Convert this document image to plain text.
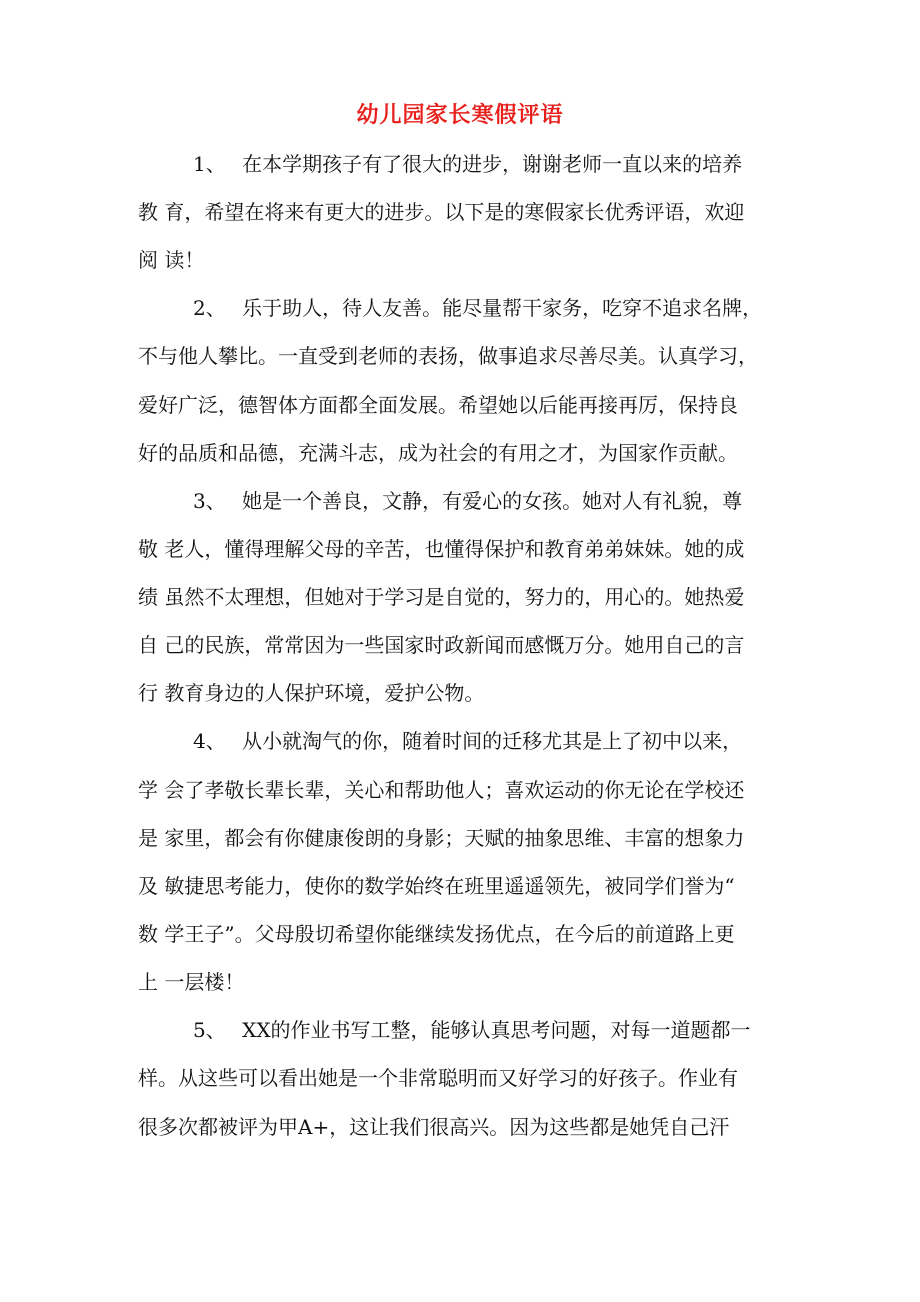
幼儿园家长寒假评语
1、　 在本学期孩子有了很大的进步，谢谢老师一直以来的培养
教 育，希望在将来有更大的进步。以下是的寒假家长优秀评语，欢迎
阅 读！
2、　 乐于助人，待人友善。能尽量帮干家务，吃穿不追求名牌，
不与他人攀比。一直受到老师的表扬，做事追求尽善尽美。认真学习，
爱好广泛，德智体方面都全面发展。希望她以后能再接再厉，保持良
好的品质和品德，充满斗志，成为社会的有用之才，为国家作贡献。
3、　 她是一个善良，文静，有爱心的女孩。她对人有礼貌，尊
敬 老人，懂得理解父母的辛苦，也懂得保护和教育弟弟妹妹。她的成
绩 虽然不太理想，但她对于学习是自觉的，努力的，用心的。她热爱
自 己的民族，常常因为一些国家时政新闻而感慨万分。她用自己的言
行 教育身边的人保护环境，爱护公物。
4、　 从小就淘气的你，随着时间的迁移尤其是上了初中以来，
学 会了孝敬长辈长辈，关心和帮助他人；喜欢运动的你无论在学校还
是 家里，都会有你健康俊朗的身影；天赋的抽象思维、丰富的想象力
及 敏捷思考能力，使你的数学始终在班里遥遥领先，被同学们誉为“
数 学王子”。父母殷切希望你能继续发扬优点，在今后的前道路上更
上 一层楼！
5、　 XX的作业书写工整，能够认真思考问题，对每一道题都一
样。从这些可以看出她是一个非常聪明而又好学习的好孩子。作业有
很多次都被评为甲A+，这让我们很高兴。因为这些都是她凭自己汗
